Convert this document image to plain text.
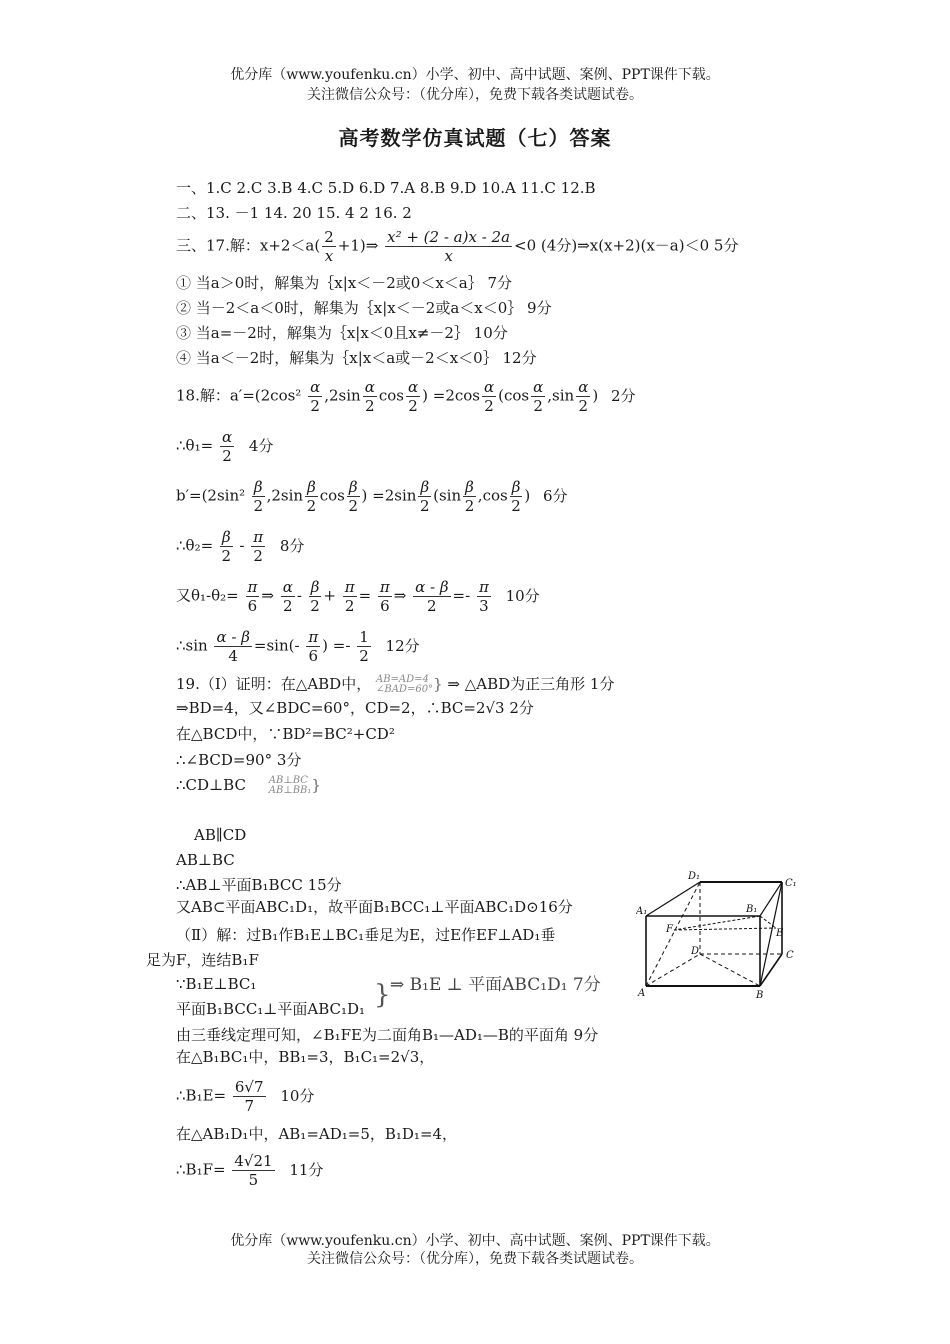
优分库（www.youfenku.cn）小学、初中、高中试题、案例、PPT课件下载。
关注微信公众号：（优分库），免费下载各类试题试卷。
高考数学仿真试题（七）答案
一、1.C 2.C 3.B 4.C 5.D 6.D 7.A 8.B 9.D 10.A 11.C 12.B
二、13. －1 14. 20 15. 4 2 16. 2
三、17.解：$x+2<a( \frac{2}{x}$ +1)⇒ $\frac{\text{x² + (2 - a)x - 2a}}{x} <0$ (4分)⇒x(x+2)(x－a)＜0 5分
① 当a＞0时，解集为｛x|x＜－2或0＜x＜a｝ 7分
② 当－2＜a＜0时，解集为｛x|x＜－2或a＜x＜0｝ 9分
③ 当a=－2时，解集为｛x|x＜0且x≠－2｝ 10分
④ 当a＜－2时，解集为｛x|x＜a或－2＜x＜0｝ 12分
18.解：$a'=(2\cos^2 \frac{\alpha}{2} ,2\sin \frac{\alpha}{2}$ $\cos \frac{\alpha}{2}$ ) $=2\cos \frac{\alpha}{2} (\cos \frac{\alpha}{2} ,\sin \frac{\alpha}{2}$ ) 2分
∴θ₁= $\frac{\alpha}{2} 4$分
$b'=(2\sin^2 \frac{\beta}{2} ,2\sin \frac{\beta}{2}$ $\cos \frac{\beta}{2}$ ) $=2\sin \frac{\beta}{2} (\sin \frac{\beta}{2} ,\cos \frac{\beta}{2}$ ) 6分
∴θ₂= $\frac{\beta}{2} - \frac{\pi}{2} 8$分
又$\theta_1-\theta_2= \frac{\pi}{6}$ ⇒ $\frac{\alpha}{2} - \frac{\beta}{2} + \frac{\pi}{2} = \frac{\pi}{6}$ ⇒ $\frac{\alpha - \beta}{2} =- \frac{\pi}{3} 10$分
∴sin $\frac{\alpha - \beta}{4} =\sin(- \frac{\pi}{6}$ ) =- $\frac{1}{2} 12$分
19.（Ⅰ）证明：在△ABD中， AB=AD=4
∠BAD=60° } ⇒ △ABD为正三角形 1分
⇒BD=4，又∠BDC=60°，CD=2，∴BC=2√3 2分
在△BCD中，∵BD²=BC²+CD²
∴∠BCD=90° 3分
∴CD⊥BC AB⊥BC
AB⊥BB₁ }
AB∥CD
AB⊥BC
∴AB⊥平面B₁BCC 15分
又AB⊂平面ABC₁D₁，故平面B₁BCC₁⊥平面ABC₁D⊙16分
（Ⅱ）解：过B₁作B₁E⊥BC₁垂足为E，过E作EF⊥AD₁垂
足为F，连结B₁F
∵B₁E⊥BC₁
平面B₁BCC₁⊥平面ABC₁D₁ } ⇒ B₁E ⊥ 平面ABC₁D₁ 7分
由三垂线定理可知，∠B₁FE为二面角B₁—AD₁—B的平面角 9分
在△B₁BC₁中，BB₁=3，B₁C₁=2√3，
∴B₁E= $\frac{6√7}{7} 10$分
在△AB₁D₁中，AB₁=AD₁=5，B₁D₁=4，
∴B₁F= $\frac{4√21}{5} 11$分
D₁
C₁
A₁	B₁
F	E
D	C
A	B
优分库（www.youfenku.cn）小学、初中、高中试题、案例、PPT课件下载。
关注微信公众号：（优分库），免费下载各类试题试卷。
